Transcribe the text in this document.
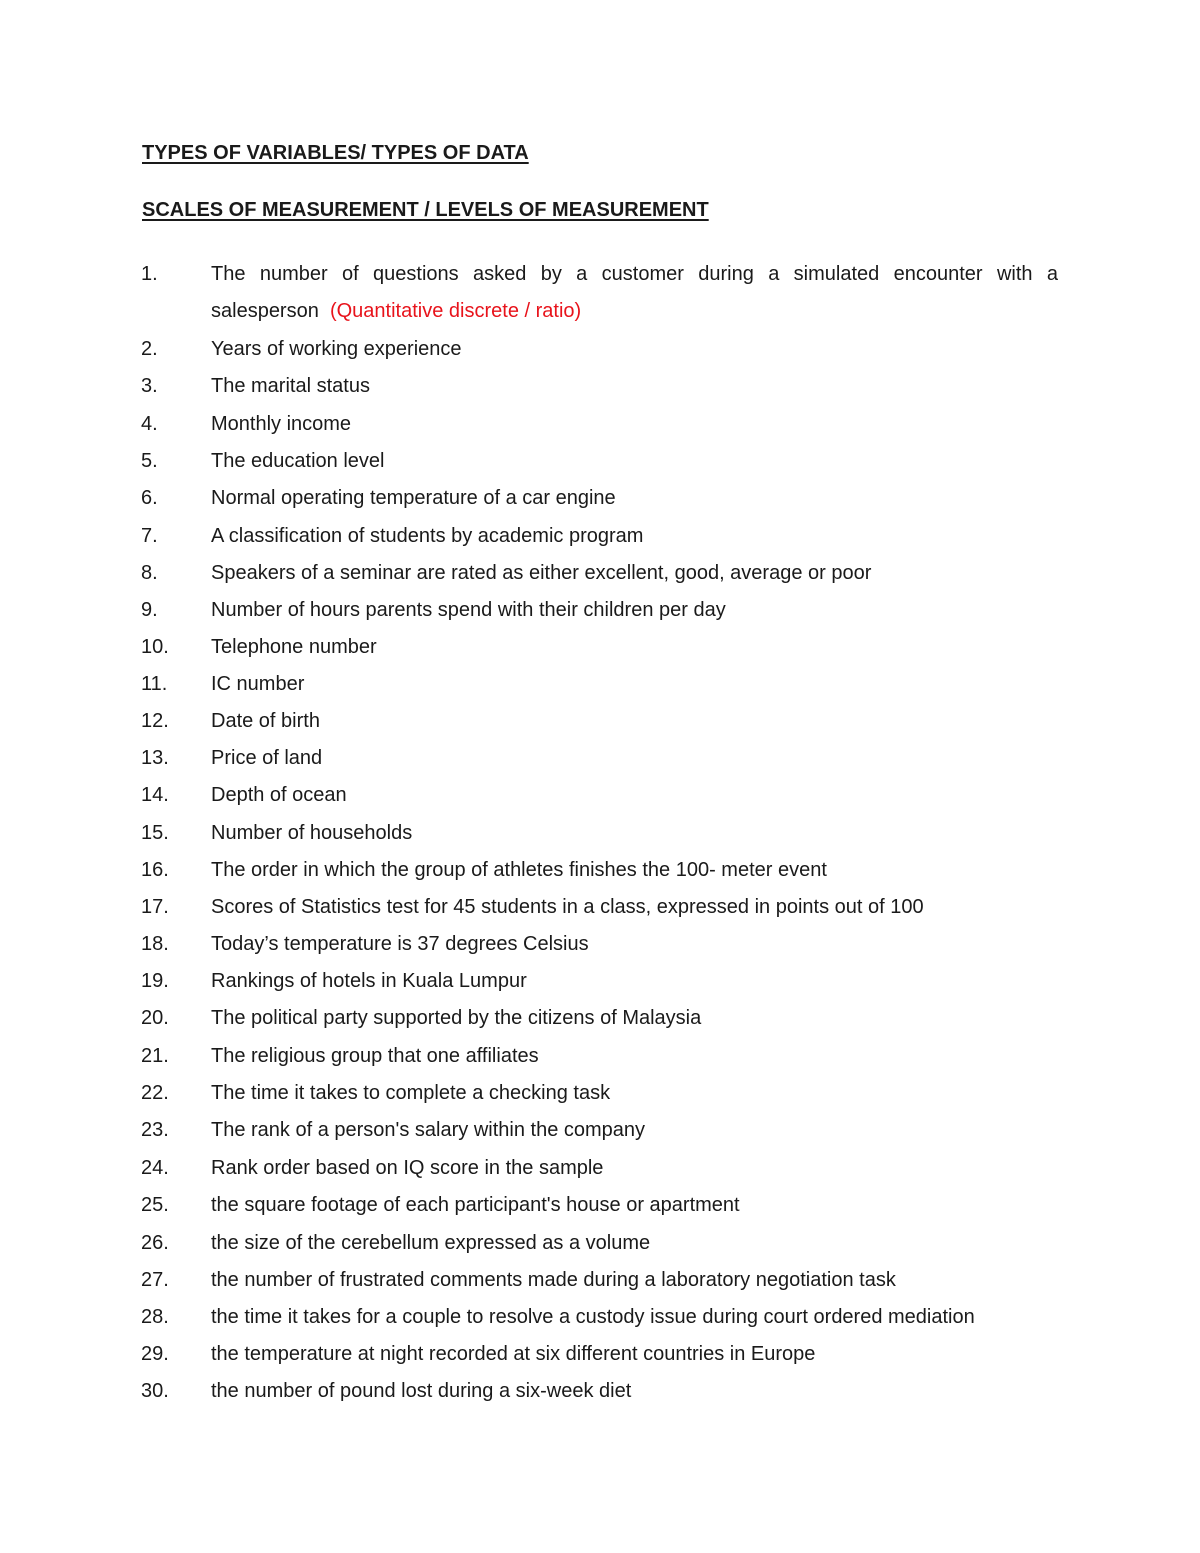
TYPES OF VARIABLES/ TYPES OF DATA
SCALES OF MEASUREMENT / LEVELS OF MEASUREMENT
1.	The number of questions asked by a customer during a simulated encounter with a
salesperson (Quantitative discrete / ratio)
2.	Years of working experience
3.	The marital status
4.	Monthly income
5.	The education level
6.	Normal operating temperature of a car engine
7.	A classification of students by academic program
8.	Speakers of a seminar are rated as either excellent, good, average or poor
9.	Number of hours parents spend with their children per day
10. Telephone number
11. IC number
12. Date of birth
13. Price of land
14. Depth of ocean
15. Number of households
16. The order in which the group of athletes finishes the 100- meter event
17. Scores of Statistics test for 45 students in a class, expressed in points out of 100
18. Today’s temperature is 37 degrees Celsius
19. Rankings of hotels in Kuala Lumpur
20. The political party supported by the citizens of Malaysia
21. The religious group that one affiliates
22. The time it takes to complete a checking task
23. The rank of a person's salary within the company
24. Rank order based on IQ score in the sample
25. the square footage of each participant's house or apartment
26. the size of the cerebellum expressed as a volume
27. the number of frustrated comments made during a laboratory negotiation task
28. the time it takes for a couple to resolve a custody issue during court ordered mediation
29. the temperature at night recorded at six different countries in Europe
30. the number of pound lost during a six-week diet
